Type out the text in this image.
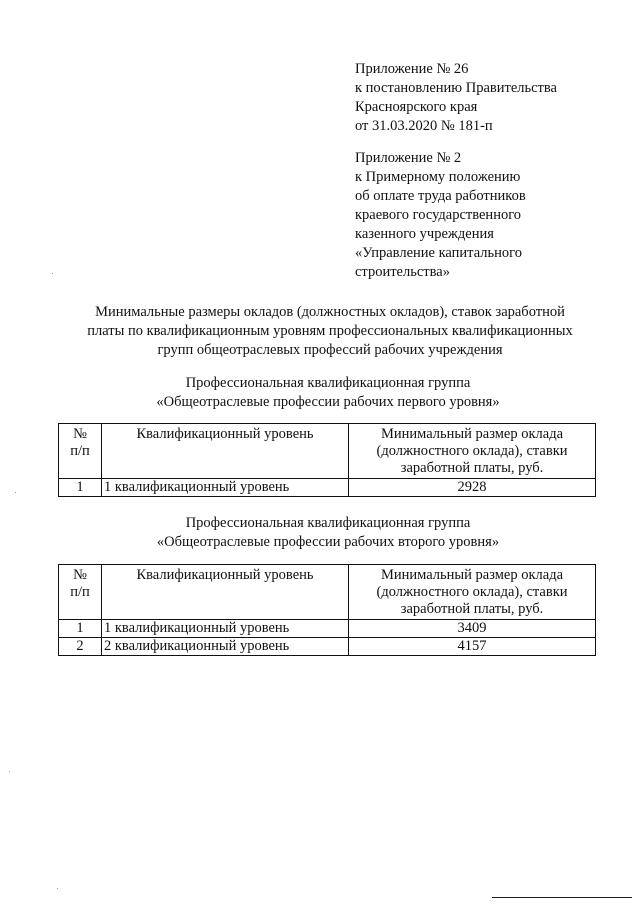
Приложение № 26
к постановлению Правительства
Красноярского края
от 31.03.2020 № 181-п
Приложение № 2
к Примерному положению
об оплате труда работников
краевого государственного
казенного учреждения
«Управление капитального
строительства»
Минимальные размеры окладов (должностных окладов), ставок заработной
платы по квалификационным уровням профессиональных квалификационных
групп общеотраслевых профессий рабочих учреждения
Профессиональная квалификационная группа
«Общеотраслевые профессии рабочих первого уровня»
№
п/п	Квалификационный уровень	Минимальный размер оклада
(должностного оклада), ставки
заработной платы, руб.

1	1 квалификационный уровень	2928
Профессиональная квалификационная группа
«Общеотраслевые профессии рабочих второго уровня»
№
п/п	Квалификационный уровень	Минимальный размер оклада
(должностного оклада), ставки
заработной платы, руб.

1	1 квалификационный уровень	3409
2	2 квалификационный уровень	4157
